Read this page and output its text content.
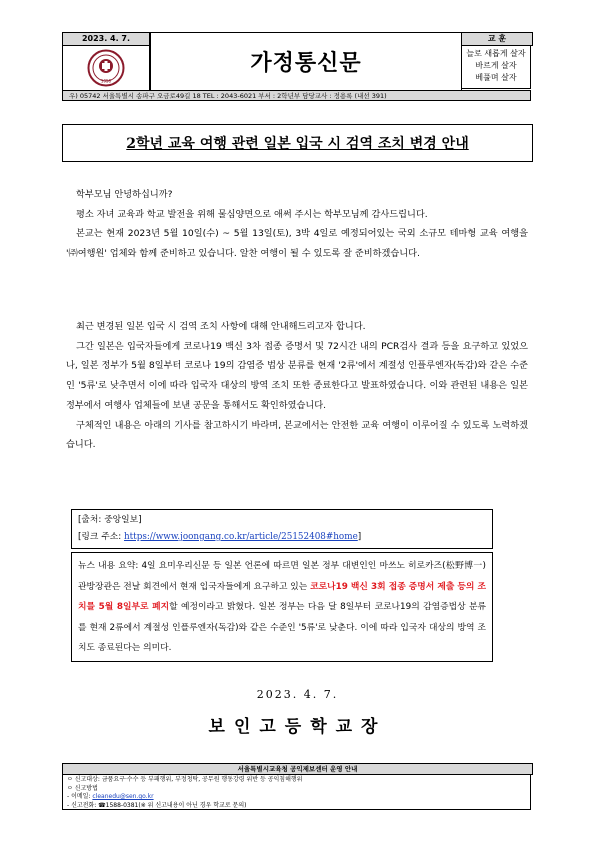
2023. 4. 7.
1958
가정통신문
교 훈
늘로 새롭게 살자
바르게 살자
베풀며 살자
우) 05742 서울특별시 송파구 오금로49길 18 TEL : 2043-6021 부서 : 2학년부 담당교사 : 정용록 (내선 391)
2학년 교육 여행 관련 일본 입국 시 검역 조치 변경 안내

학부모님 안녕하십니까?

평소 자녀 교육과 학교 발전을 위해 물심양면으로 애써 주시는 학부모님께 감사드립니다.

본교는 현재 2023년 5월 10일(수) ~ 5월 13일(토), 3박 4일로 예정되어있는 국외 소규모 테마형 교육 여행을 '㈜여행원' 업체와 함께 준비하고 있습니다. 알찬 여행이 될 수 있도록 잘 준비하겠습니다.

최근 변경된 일본 입국 시 검역 조치 사항에 대해 안내해드리고자 합니다.

그간 일본은 입국자들에게 코로나19 백신 3차 접종 증명서 및 72시간 내의 PCR검사 결과 등을 요구하고 있었으나, 일본 정부가 5월 8일부터 코로나 19의 감염증 법상 분류를 현재 '2류'에서 계절성 인플루엔자(독감)와 같은 수준인 '5류'로 낮추면서 이에 따라 입국자 대상의 방역 조치 또한 종료한다고 발표하였습니다. 이와 관련된 내용은 일본 정부에서 여행사 업체들에 보낸 공문을 통해서도 확인하였습니다.

구체적인 내용은 아래의 기사를 참고하시기 바라며, 본교에서는 안전한 교육 여행이 이루어질 수 있도록 노력하겠습니다.

[출처: 중앙일보]
[링크 주소: https://www.joongang.co.kr/article/25152408#home]
뉴스 내용 요약: 4일 요미우리신문 등 일본 언론에 따르면 일본 정부 대변인인 마쓰노 히로카즈(松野博一) 관방장관은 전날 회견에서 현재 입국자들에게 요구하고 있는 코로나19 백신 3회 접종 증명서 제출 등의 조치를 5월 8일부로 폐지할 예정이라고 밝혔다. 일본 정부는 다음 달 8일부터 코로나19의 감염증법상 분류를 현재 2류에서 계절성 인플루엔자(독감)와 같은 수준인 '5류'로 낮춘다. 이에 따라 입국자 대상의 방역 조치도 종료된다는 의미다.
2023. 4. 7.
보인고등학교장
서울특별시교육청 공익제보센터 운영 안내
ㅇ 신고대상: 금품요구·수수 등 부패행위, 부정청탁, 공무원 행동강령 위반 등 공익침해행위
ㅇ 신고방법
- 이메일: cleanedu@sen.go.kr
- 신고전화: ☎1588-0381(※ 위 신고내용이 아닌 경우 학교로 문의)
